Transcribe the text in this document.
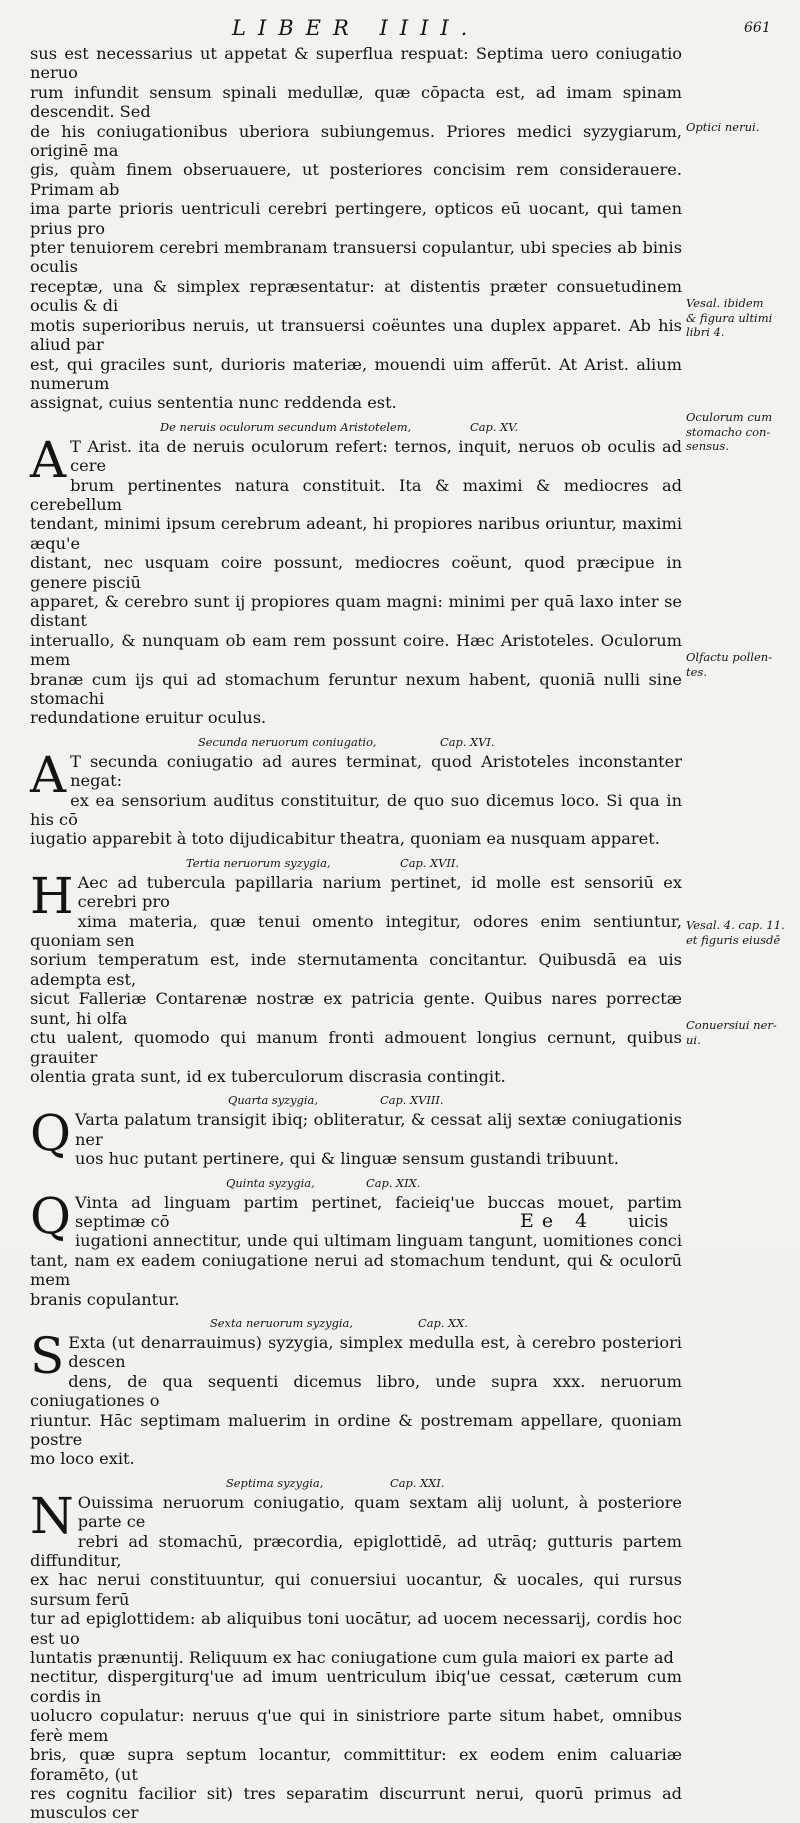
LIBER IIII.	661

sus est necessarius ut appetat & superflua respuat: Septima uero coniugatio neruo
rum infundit sensum spinali medullæ, quæ cōpacta est, ad imam spinam descendit. Sed
de his coniugationibus uberiora subiungemus. Priores medici syzygiarum, originē ma
gis, quàm finem obseruauere, ut posteriores concisim rem considerauere. Primam ab
ima parte prioris uentriculi cerebri pertingere, opticos eū uocant, qui tamen prius pro
pter tenuiorem cerebri membranam transuersi copulantur, ubi species ab binis oculis
receptæ, una & simplex repræsentatur: at distentis præter consuetudinem oculis & di
motis superioribus neruis, ut transuersi coëuntes una duplex apparet. Ab his aliud par
est, qui graciles sunt, durioris materiæ, mouendi uim afferūt. At Arist. alium numerum
assignat, cuius sententia nunc reddenda est.

De neruis oculorum secundum Aristotelem,	Cap. XV.

A T Arist. ita de neruis oculorum refert: ternos, inquit, neruos ob oculis ad cere
brum pertinentes natura constituit. Ita & maximi & mediocres ad cerebellum
tendant, minimi ipsum cerebrum adeant, hi propiores naribus oriuntur, maximi æqu'e
distant, nec usquam coire possunt, mediocres coëunt, quod præcipue in genere pisciū
apparet, & cerebro sunt ij propiores quam magni: minimi per quā laxo inter se distant
interuallo, & nunquam ob eam rem possunt coire. Hæc Aristoteles. Oculorum mem
branæ cum ijs qui ad stomachum feruntur nexum habent, quoniā nulli sine stomachi
redundatione eruitur oculus.

Secunda neruorum coniugatio,	Cap. XVI.

A T secunda coniugatio ad aures terminat, quod Aristoteles inconstanter negat:
ex ea sensorium auditus constituitur, de quo suo dicemus loco. Si qua in his cō
iugatio apparebit à toto dijudicabitur theatra, quoniam ea nusquam apparet.

Tertia neruorum syzygia,	Cap. XVII.

H Aec ad tubercula papillaria narium pertinet, id molle est sensoriū ex cerebri pro
xima materia, quæ tenui omento integitur, odores enim sentiuntur, quoniam sen
sorium temperatum est, inde sternutamenta concitantur. Quibusdā ea uis adempta est,
sicut Falleriæ Contarenæ nostræ ex patricia gente. Quibus nares porrectæ sunt, hi olfa
ctu ualent, quomodo qui manum fronti admouent longius cernunt, quibus grauiter
olentia grata sunt, id ex tuberculorum discrasia contingit.

Quarta syzygia,	Cap. XVIII.

Q Varta palatum transigit ibiq; obliteratur, & cessat alij sextæ coniugationis ner
uos huc putant pertinere, qui & linguæ sensum gustandi tribuunt.

Quinta syzygia,	Cap. XIX.

Q Vinta ad linguam partim pertinet, facieiq'ue buccas mouet, partim septimæ cō
iugationi annectitur, unde qui ultimam linguam tangunt, uomitiones conci
tant, nam ex eadem coniugatione nerui ad stomachum tendunt, qui & oculorū mem
branis copulantur.

Sexta neruorum syzygia,	Cap. XX.

S Exta (ut denarrauimus) syzygia, simplex medulla est, à cerebro posteriori descen
dens, de qua sequenti dicemus libro, unde supra xxx. neruorum coniugationes o
riuntur. Hāc septimam maluerim in ordine & postremam appellare, quoniam postre
mo loco exit.

Septima syzygia,	Cap. XXI.

N Ouissima neruorum coniugatio, quam sextam alij uolunt, à posteriore parte ce
rebri ad stomachū, præcordia, epiglottidē, ad utrāq; gutturis partem diffunditur,
ex hac nerui constituuntur, qui conuersiui uocantur, & uocales, qui rursus sursum ferū
tur ad epiglottidem: ab aliquibus toni uocātur, ad uocem necessarij, cordis hoc est uo
luntatis prænuntij. Reliquum ex hac coniugatione cum gula maiori ex parte ad
nectitur, dispergiturq'ue ad imum uentriculum ibiq'ue cessat, cæterum cum cordis in
uolucro copulatur: neruus q'ue qui in sinistriore parte situm habet, omnibus ferè mem
bris, quæ supra septum locantur, committitur: ex eodem enim caluariæ foramēto, (ut
res cognitu facilior sit) tres separatim discurrunt nerui, quorū primus ad musculos cer

Optici nerui.
Vesal. ibidem
& figura ultimi
libri 4.
Oculorum cum
stomacho con-
sensus.
Olfactu pollen-
tes.
Vesal. 4. cap. 11.
et figuris eiusdē
Conuersiui ner-
ui.
Ee 4 uicis
